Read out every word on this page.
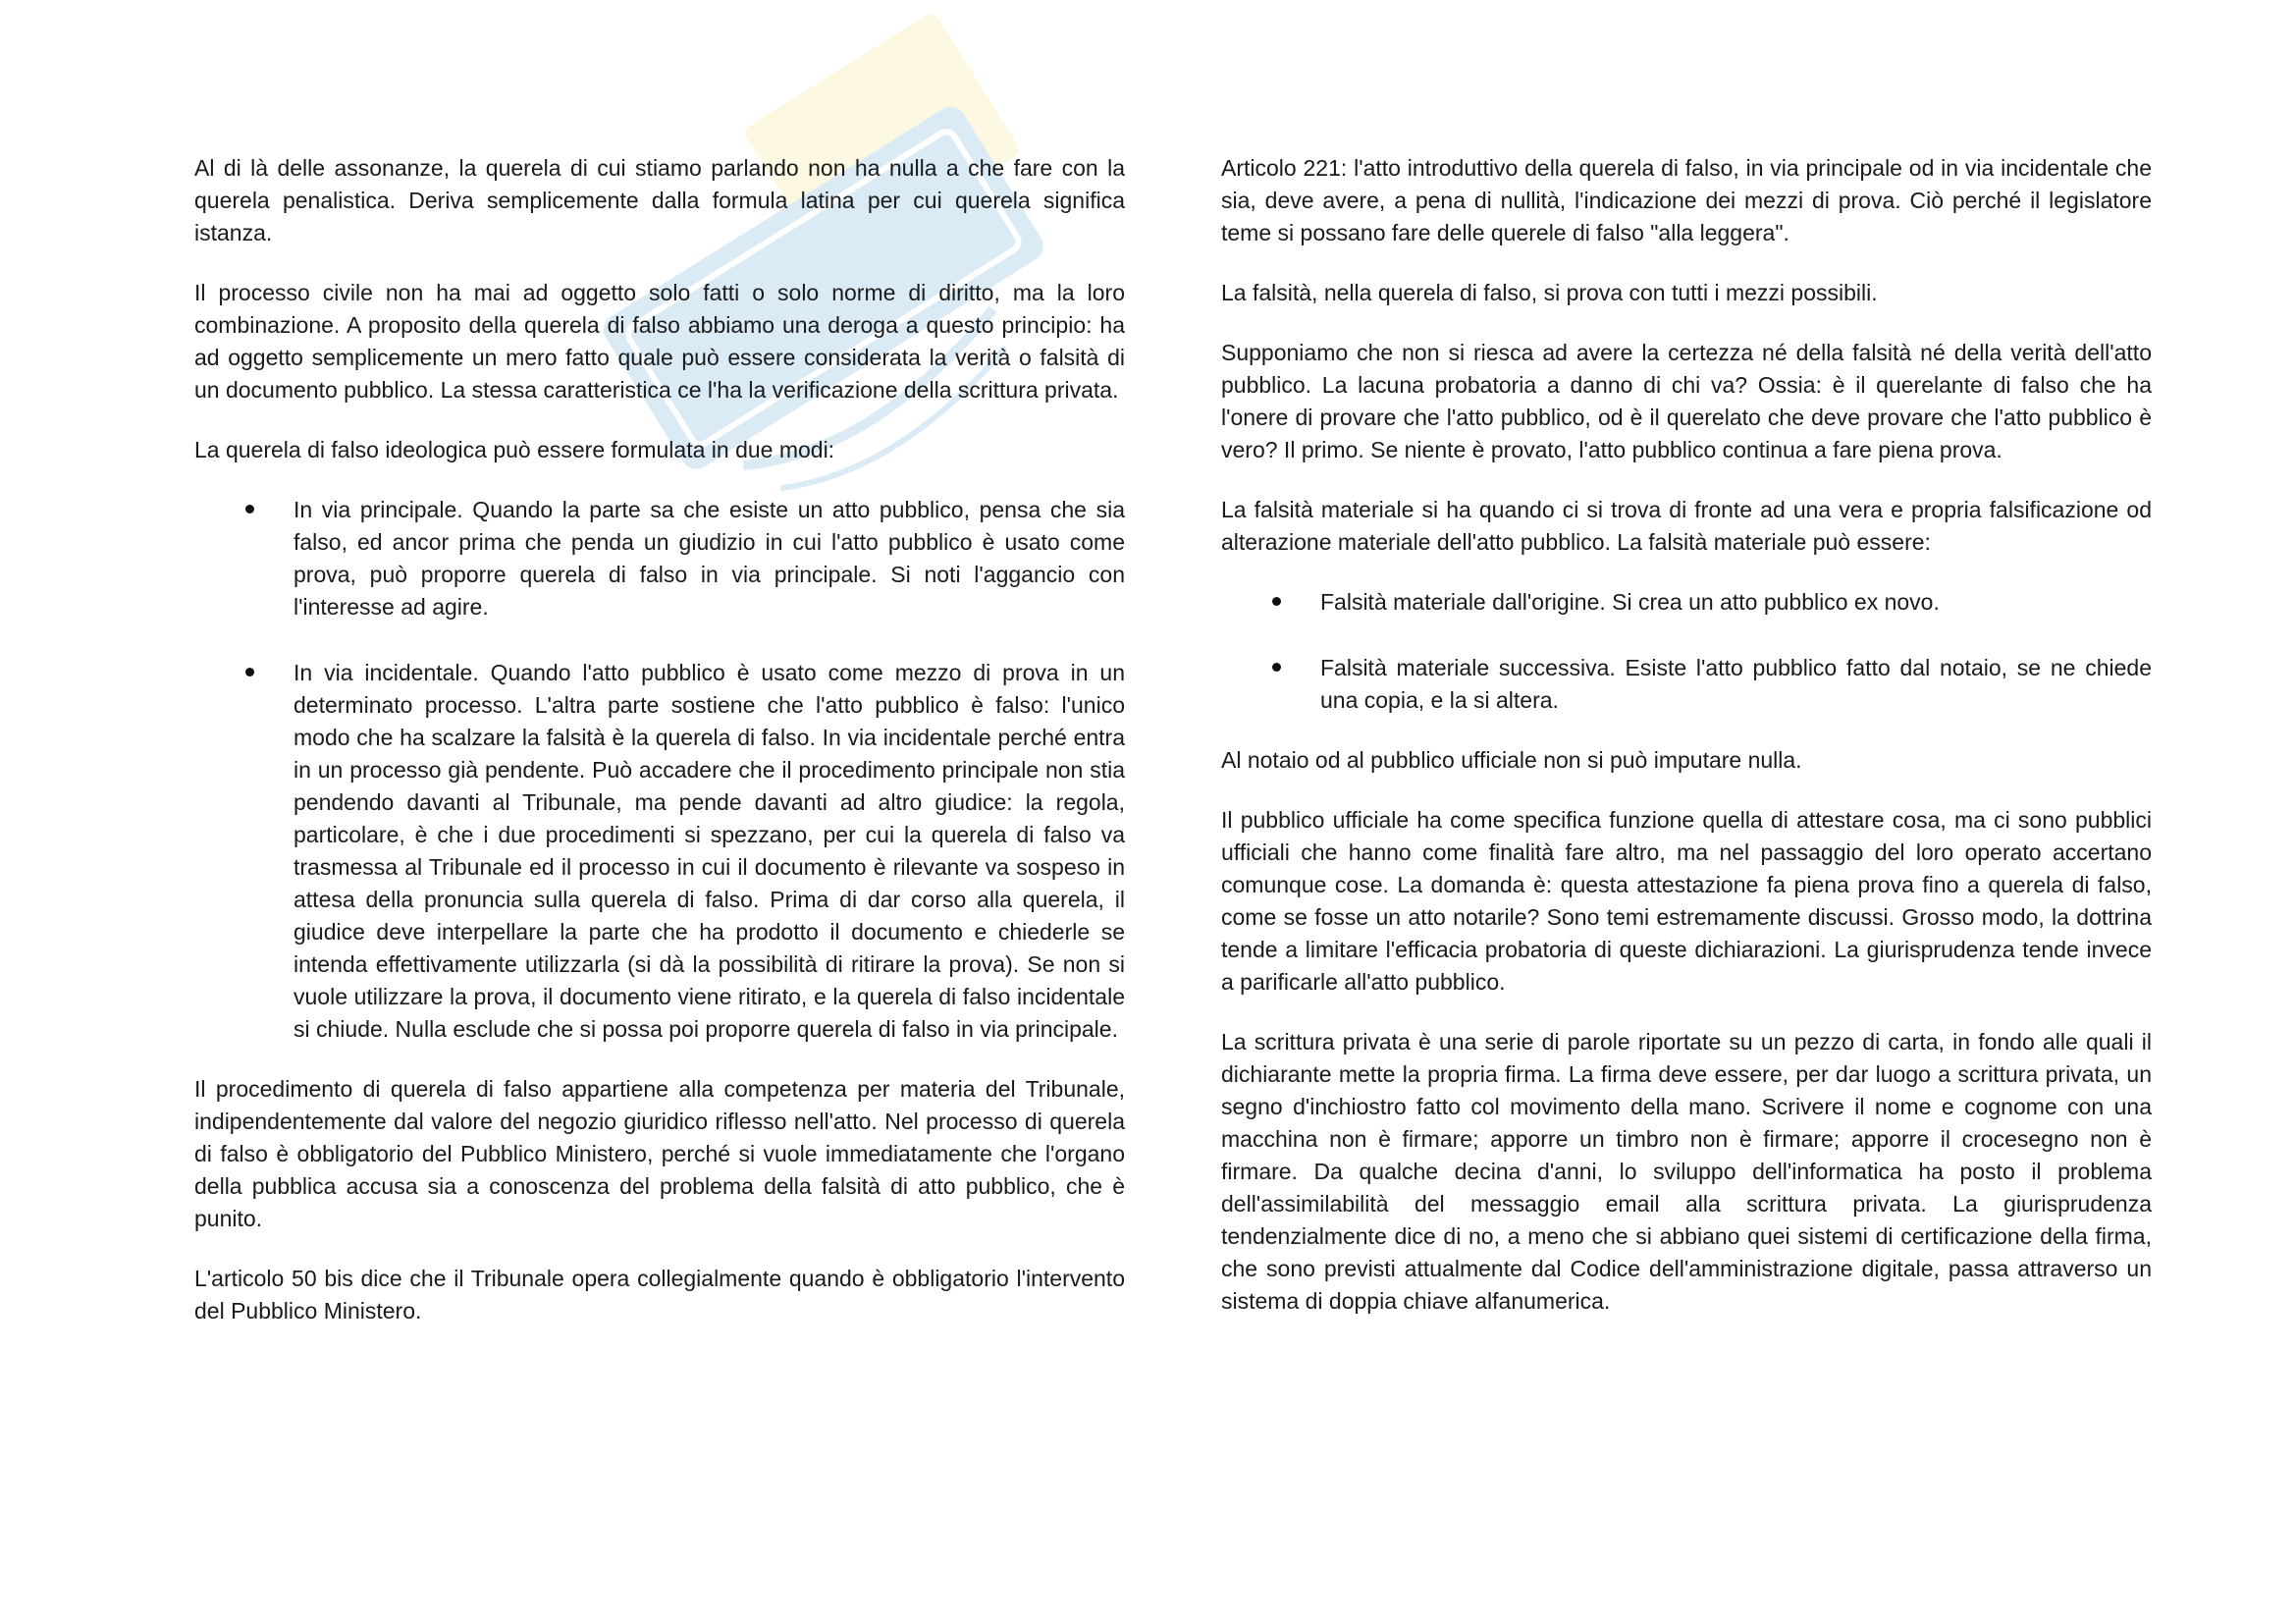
Al di là delle assonanze, la querela di cui stiamo parlando non ha nulla a che fare con la querela penalistica. Deriva semplicemente dalla formula latina per cui querela significa istanza.

Il processo civile non ha mai ad oggetto solo fatti o solo norme di diritto, ma la loro combinazione. A proposito della querela di falso abbiamo una deroga a questo principio: ha ad oggetto semplicemente un mero fatto quale può essere considerata la verità o falsità di un documento pubblico. La stessa caratteristica ce l'ha la verificazione della scrittura privata.

La querela di falso ideologica può essere formulata in due modi:

In via principale. Quando la parte sa che esiste un atto pubblico, pensa che sia falso, ed ancor prima che penda un giudizio in cui l'atto pubblico è usato come prova, può proporre querela di falso in via principale. Si noti l'aggancio con l'interesse ad agire.
In via incidentale. Quando l'atto pubblico è usato come mezzo di prova in un determinato processo. L'altra parte sostiene che l'atto pubblico è falso: l'unico modo che ha scalzare la falsità è la querela di falso. In via incidentale perché entra in un processo già pendente. Può accadere che il procedimento principale non stia pendendo davanti al Tribunale, ma pende davanti ad altro giudice: la regola, particolare, è che i due procedimenti si spezzano, per cui la querela di falso va trasmessa al Tribunale ed il processo in cui il documento è rilevante va sospeso in attesa della pronuncia sulla querela di falso. Prima di dar corso alla querela, il giudice deve interpellare la parte che ha prodotto il documento e chiederle se intenda effettivamente utilizzarla (si dà la possibilità di ritirare la prova). Se non si vuole utilizzare la prova, il documento viene ritirato, e la querela di falso incidentale si chiude. Nulla esclude che si possa poi proporre querela di falso in via principale.

Il procedimento di querela di falso appartiene alla competenza per materia del Tribunale, indipendentemente dal valore del negozio giuridico riflesso nell'atto. Nel processo di querela di falso è obbligatorio del Pubblico Ministero, perché si vuole immediatamente che l'organo della pubblica accusa sia a conoscenza del problema della falsità di atto pubblico, che è punito.

L'articolo 50 bis dice che il Tribunale opera collegialmente quando è obbligatorio l'intervento del Pubblico Ministero.

Articolo 221: l'atto introduttivo della querela di falso, in via principale od in via incidentale che sia, deve avere, a pena di nullità, l'indicazione dei mezzi di prova. Ciò perché il legislatore teme si possano fare delle querele di falso "alla leggera".

La falsità, nella querela di falso, si prova con tutti i mezzi possibili.

Supponiamo che non si riesca ad avere la certezza né della falsità né della verità dell'atto pubblico. La lacuna probatoria a danno di chi va? Ossia: è il querelante di falso che ha l'onere di provare che l'atto pubblico, od è il querelato che deve provare che l'atto pubblico è vero? Il primo. Se niente è provato, l'atto pubblico continua a fare piena prova.

La falsità materiale si ha quando ci si trova di fronte ad una vera e propria falsificazione od alterazione materiale dell'atto pubblico. La falsità materiale può essere:

Falsità materiale dall'origine. Si crea un atto pubblico ex novo.
Falsità materiale successiva. Esiste l'atto pubblico fatto dal notaio, se ne chiede una copia, e la si altera.

Al notaio od al pubblico ufficiale non si può imputare nulla.

Il pubblico ufficiale ha come specifica funzione quella di attestare cosa, ma ci sono pubblici ufficiali che hanno come finalità fare altro, ma nel passaggio del loro operato accertano comunque cose. La domanda è: questa attestazione fa piena prova fino a querela di falso, come se fosse un atto notarile? Sono temi estremamente discussi. Grosso modo, la dottrina tende a limitare l'efficacia probatoria di queste dichiarazioni. La giurisprudenza tende invece a parificarle all'atto pubblico.

La scrittura privata è una serie di parole riportate su un pezzo di carta, in fondo alle quali il dichiarante mette la propria firma. La firma deve essere, per dar luogo a scrittura privata, un segno d'inchiostro fatto col movimento della mano. Scrivere il nome e cognome con una macchina non è firmare; apporre un timbro non è firmare; apporre il crocesegno non è firmare. Da qualche decina d'anni, lo sviluppo dell'informatica ha posto il problema dell'assimilabilità del messaggio email alla scrittura privata. La giurisprudenza tendenzialmente dice di no, a meno che si abbiano quei sistemi di certificazione della firma, che sono previsti attualmente dal Codice dell'amministrazione digitale, passa attraverso un sistema di doppia chiave alfanumerica.
